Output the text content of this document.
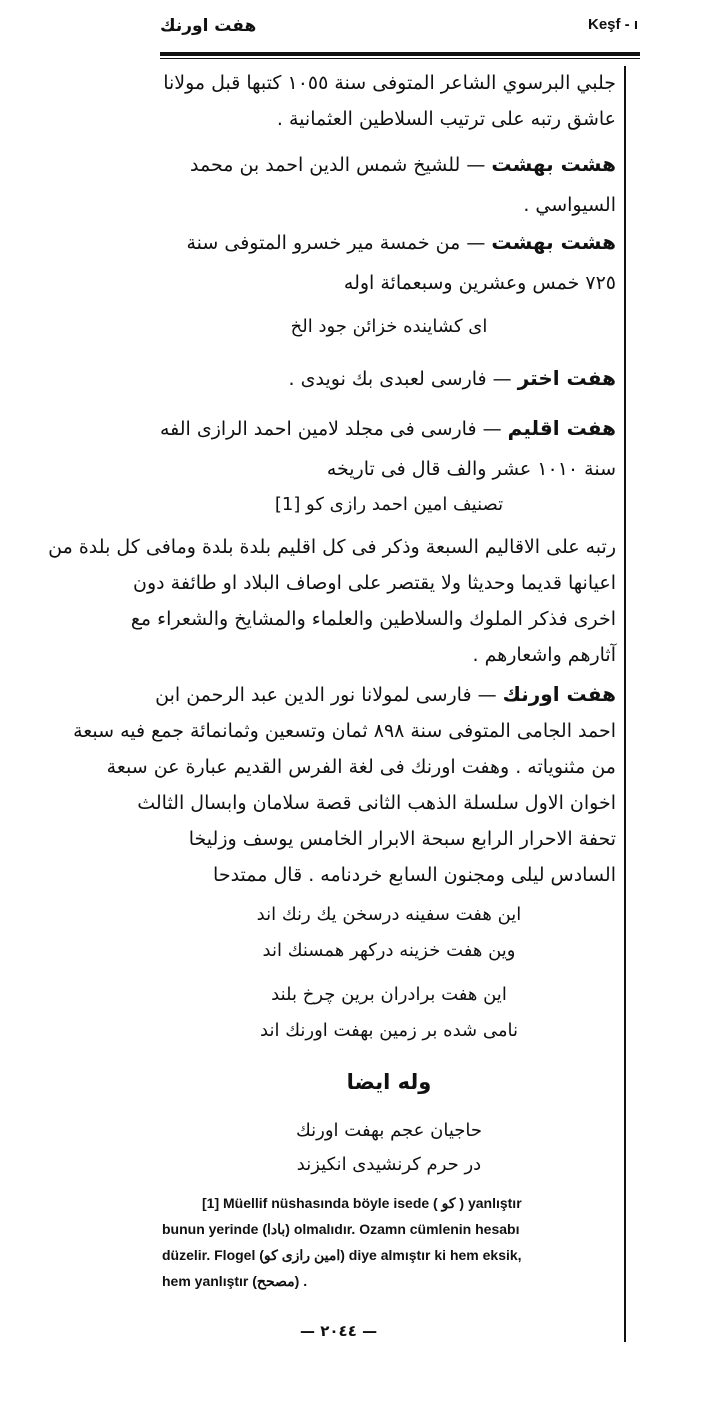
هفت اورنك	Keşf - ı
جلبي البرسوي الشاعر المتوفى سنة ١٠٥٥ كتبها قبل مولانا
عاشق رتبه على ترتيب السلاطين العثمانية .
هشت بهشت — للشيخ شمس الدين احمد بن محمد
السيواسي .
هشت بهشت — من خمسة مير خسرو المتوفى سنة
٧٢٥ خمس وعشرين وسبعمائة اوله
اى كشاينده خزائن جود الخ
هفت اختر — فارسى لعبدى بك نويدى .
هفت اقليم — فارسى فى مجلد لامين احمد الرازى الفه
سنة ١٠١٠ عشر والف قال فى تاريخه
تصنيف امين احمد رازى كو [1]
رتبه على الاقاليم السبعة وذكر فى كل اقليم بلدة بلدة ومافى كل بلدة من
اعيانها قديما وحديثا ولا يقتصر على اوصاف البلاد او طائفة دون
اخرى فذكر الملوك والسلاطين والعلماء والمشايخ والشعراء مع
آثارهم واشعارهم .
هفت اورنك — فارسى لمولانا نور الدين عبد الرحمن ابن
احمد الجامى المتوفى سنة ٨٩٨ ثمان وتسعين وثمانمائة جمع فيه سبعة
من مثنوياته . وهفت اورنك فى لغة الفرس القديم عبارة عن سبعة
اخوان الاول سلسلة الذهب الثانى قصة سلامان وابسال الثالث
تحفة الاحرار الرابع سبحة الابرار الخامس يوسف وزليخا
السادس ليلى ومجنون السابع خردنامه . قال ممتدحا
اين هفت سفينه درسخن يك رنك اند
وين هفت خزينه دركهر همسنك اند
اين هفت برادران برين چرخ بلند
نامى شده بر زمين بهفت اورنك اند
وله ايضا
حاجيان عجم بهفت اورنك
در حرم كرنشيدى انكيزند
[1] Müellif nüshasında böyle isede ( كو ) yanlıştır
bunun yerinde (بادا) olmalıdır. Ozamn cümlenin hesabı
düzelir. Flogel (امين رازى كو) diye almıştır ki hem eksik,
hem yanlıştır (مصحح) .
— ٢٠٤٤ —
